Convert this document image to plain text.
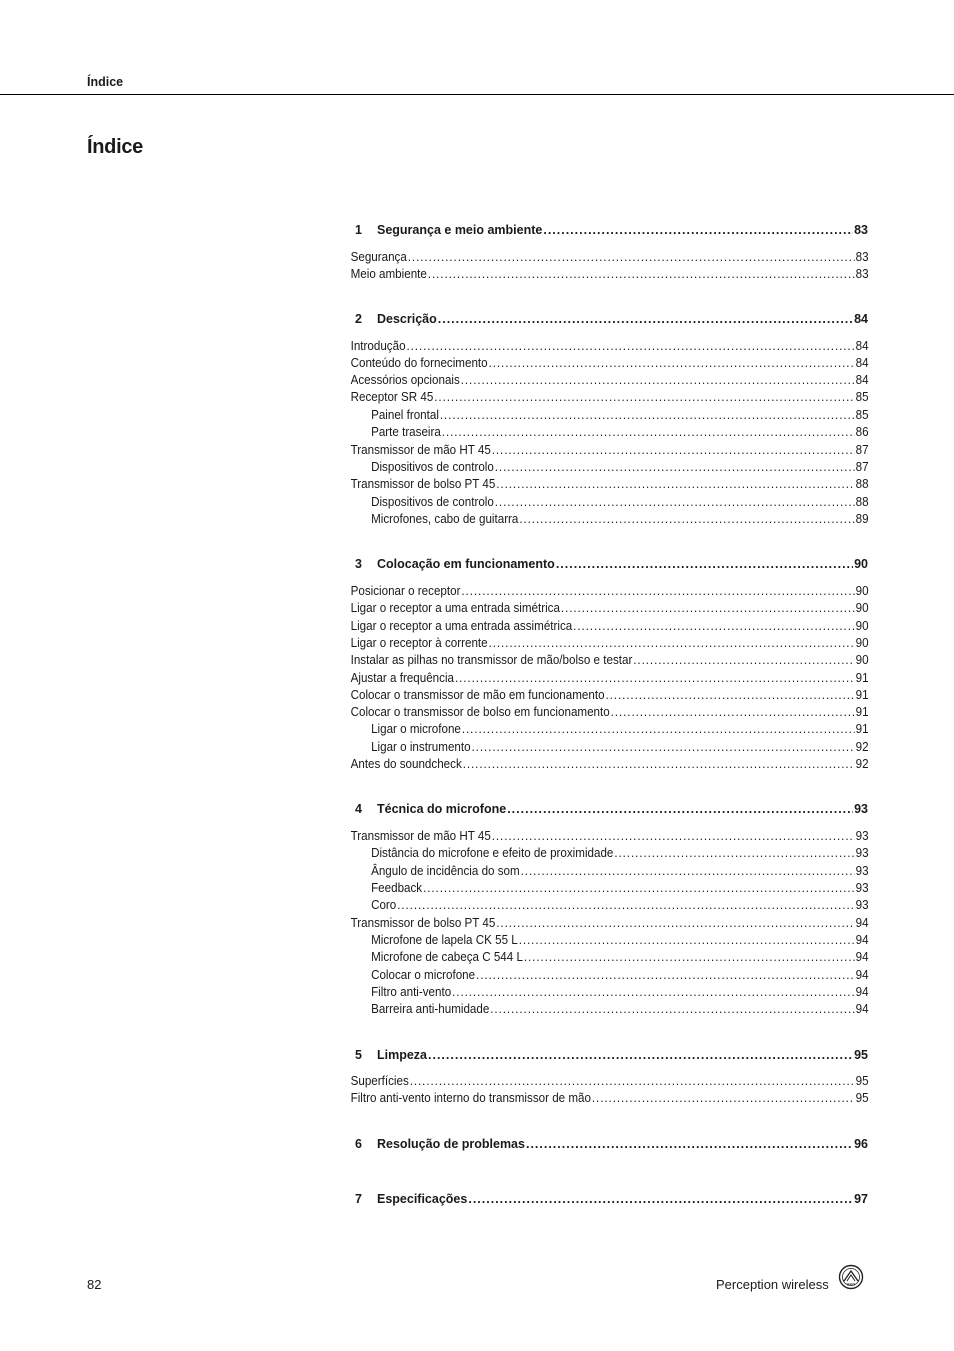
Índice
Índice
1 Segurança e meio ambiente .....	83
Segurança .....	83
Meio ambiente .....	83
2 Descrição .....	84
Introdução .....	84
Conteúdo do fornecimento .....	84
Acessórios opcionais .....	84
Receptor SR 45 .....	85
Painel frontal .....	85
Parte traseira .....	86
Transmissor de mão HT 45 .....	87
Dispositivos de controlo .....	87
Transmissor de bolso PT 45 .....	88
Dispositivos de controlo .....	88
Microfones, cabo de guitarra .....	89
3 Colocação em funcionamento .....	90
Posicionar o receptor .....	90
Ligar o receptor a uma entrada simétrica .....	90
Ligar o receptor a uma entrada assimétrica .....	90
Ligar o receptor à corrente .....	90
Instalar as pilhas no transmissor de mão/bolso e testar .....	90
Ajustar a frequência .....	91
Colocar o transmissor de mão em funcionamento .....	91
Colocar o transmissor de bolso em funcionamento .....	91
Ligar o microfone .....	91
Ligar o instrumento .....	92
Antes do soundcheck .....	92
4 Técnica do microfone .....	93
Transmissor de mão HT 45 .....	93
Distância do microfone e efeito de proximidade .....	93
Ângulo de incidência do som .....	93
Feedback .....	93
Coro .....	93
Transmissor de bolso PT 45 .....	94
Microfone de lapela CK 55 L .....	94
Microfone de cabeça C 544 L .....	94
Colocar o microfone .....	94
Filtro anti-vento .....	94
Barreira anti-humidade .....	94
5 Limpeza .....	95
Superfícies .....	95
Filtro anti-vento interno do transmissor de mão .....	95
6 Resolução de problemas .....	96
7 Especificações .....	97
82	Perception wireless	AKG
